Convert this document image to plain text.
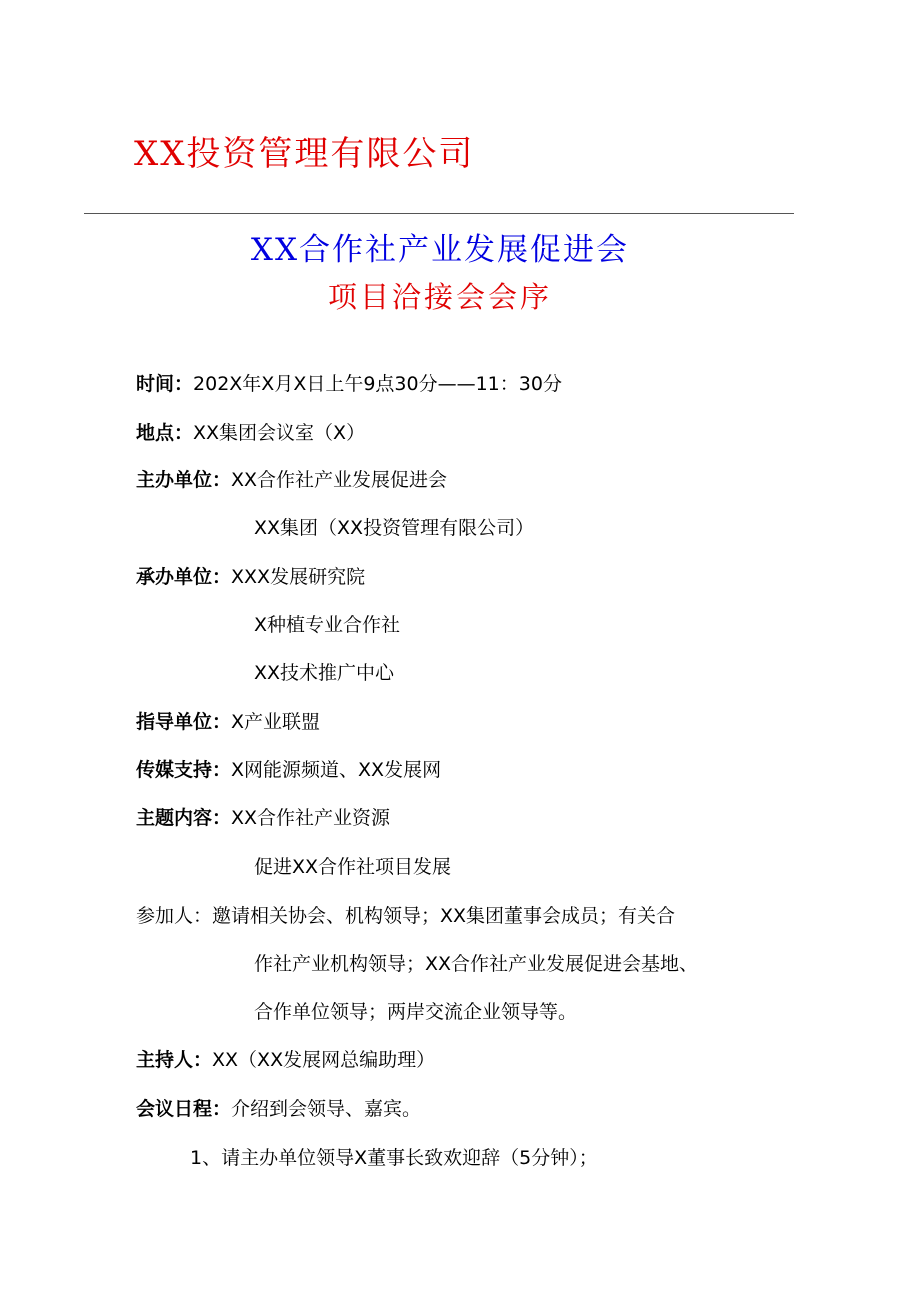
XX投资管理有限公司
XX合作社产业发展促进会
项目洽接会会序
时间：202X年X月X日上午9点30分——11：30分
地点：XX集团会议室（X）
主办单位：XX合作社产业发展促进会
XX集团（XX投资管理有限公司）
承办单位：XXX发展研究院
X种植专业合作社
XX技术推广中心
指导单位：X产业联盟
传媒支持：X网能源频道、XX发展网
主题内容：XX合作社产业资源
促进XX合作社项目发展
参加人：邀请相关协会、机构领导；XX集团董事会成员；有关合
作社产业机构领导；XX合作社产业发展促进会基地、
合作单位领导；两岸交流企业领导等。
主持人：XX（XX发展网总编助理）
会议日程：介绍到会领导、嘉宾。
1、请主办单位领导X董事长致欢迎辞（5分钟）；
